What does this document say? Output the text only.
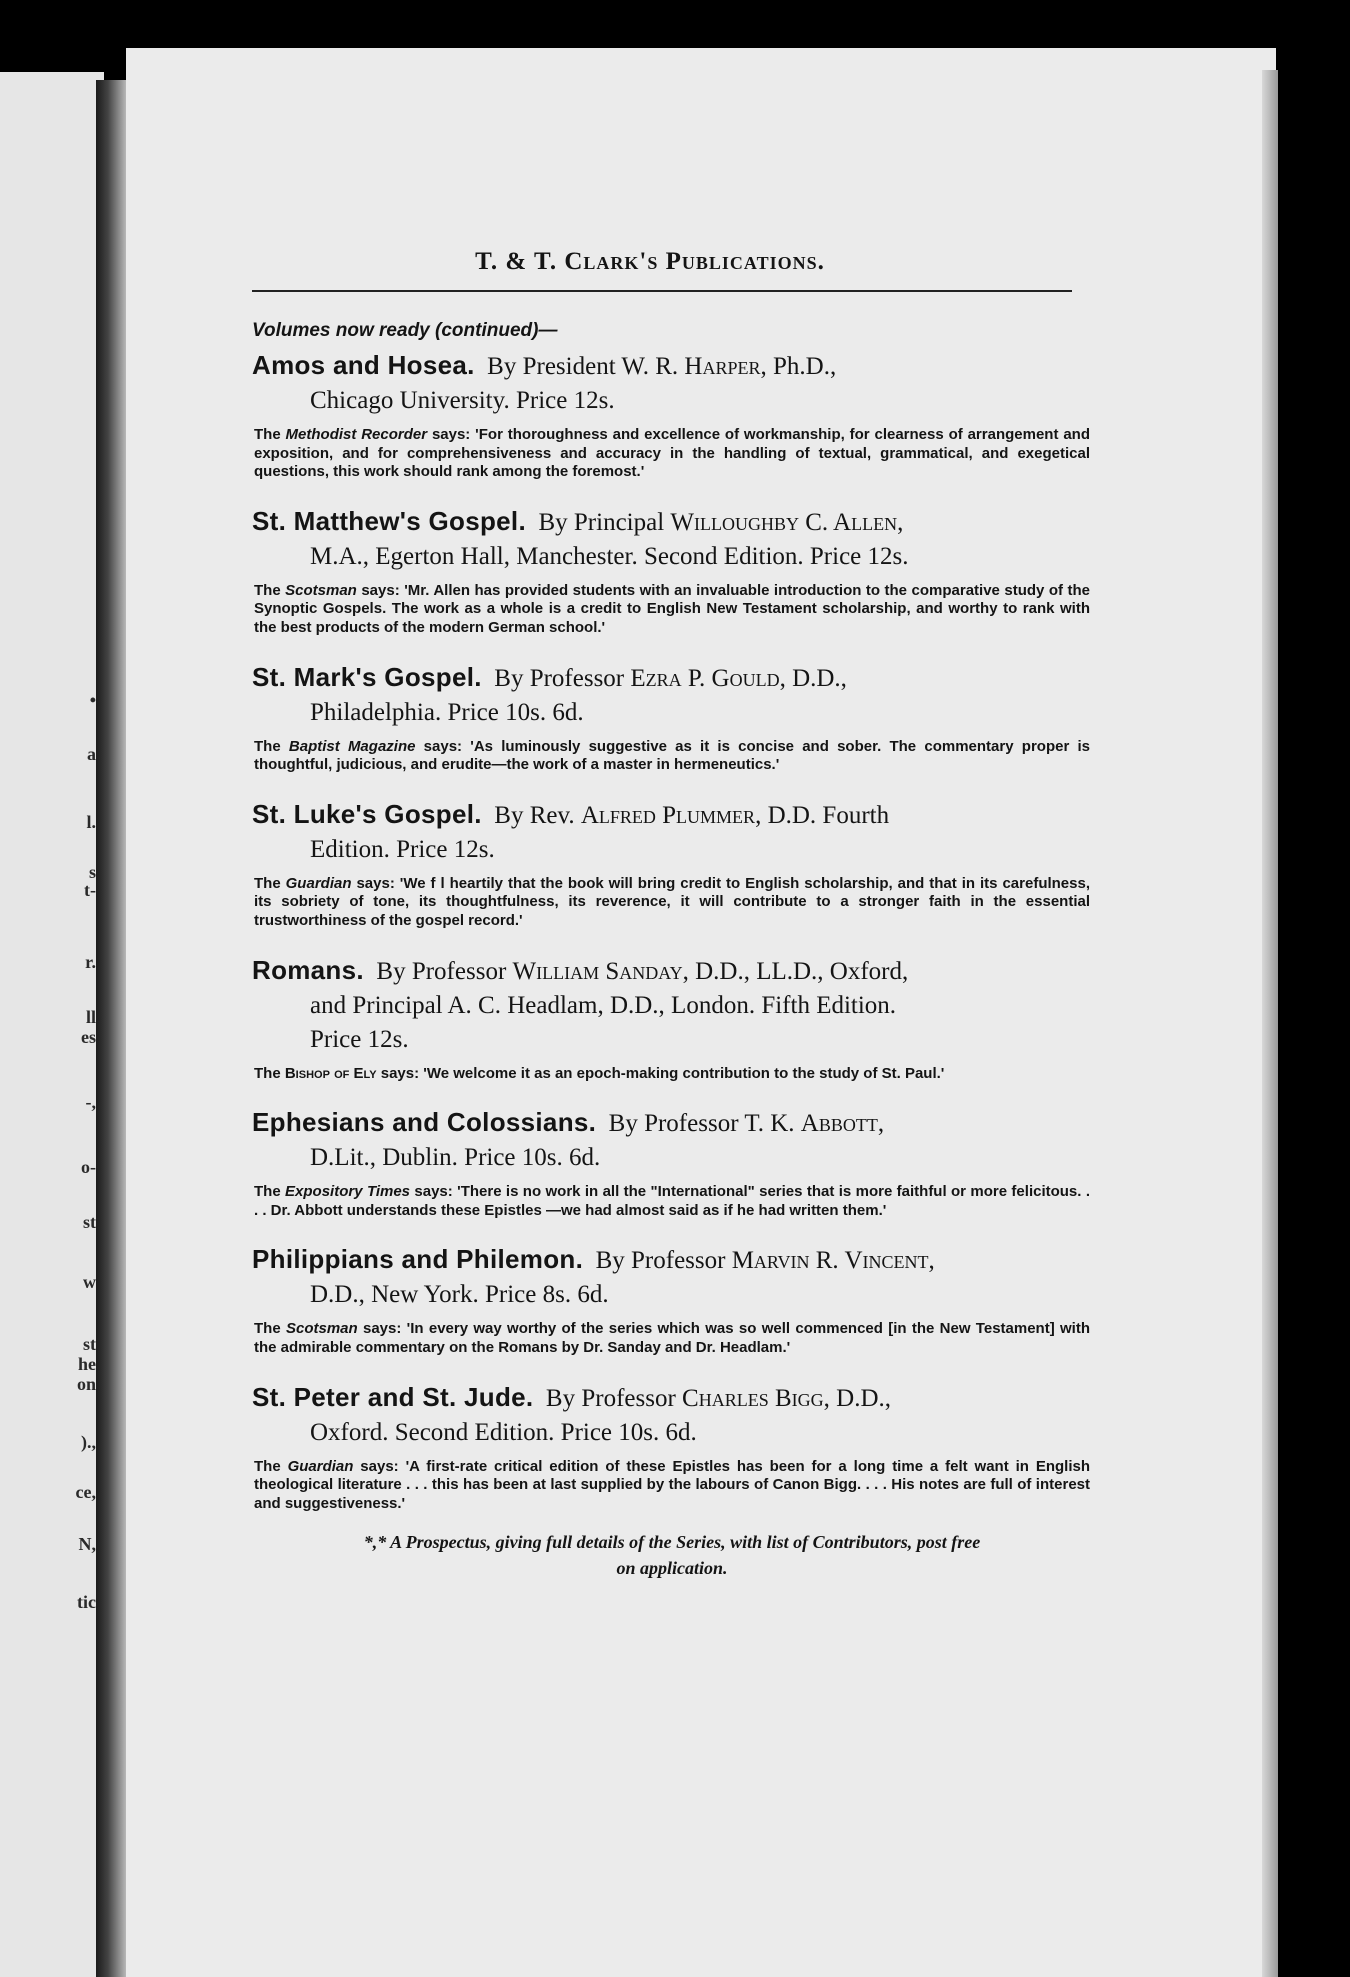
•
a
l.
s
t-
r.
ll
es
-,
o-
st
w
st
he
on
).,
ce,
N,
tic
T. & T. Clark's Publications.
Volumes now ready (continued)—
Amos and Hosea. By President W. R. Harper, Ph.D.,
Chicago University. Price 12s.
The Methodist Recorder says: 'For thoroughness and excellence of workmanship, for clearness of arrangement and exposition, and for comprehensiveness and accuracy in the handling of textual, grammatical, and exegetical questions, this work should rank among the foremost.'
St. Matthew's Gospel. By Principal Willoughby C. Allen,
M.A., Egerton Hall, Manchester. Second Edition. Price 12s.
The Scotsman says: 'Mr. Allen has provided students with an invaluable introduction to the comparative study of the Synoptic Gospels. The work as a whole is a credit to English New Testament scholarship, and worthy to rank with the best products of the modern German school.'
St. Mark's Gospel. By Professor Ezra P. Gould, D.D.,
Philadelphia. Price 10s. 6d.
The Baptist Magazine says: 'As luminously suggestive as it is concise and sober. The commentary proper is thoughtful, judicious, and erudite—the work of a master in hermeneutics.'
St. Luke's Gospel. By Rev. Alfred Plummer, D.D. Fourth
Edition. Price 12s.
The Guardian says: 'We f l heartily that the book will bring credit to English scholarship, and that in its carefulness, its sobriety of tone, its thoughtfulness, its reverence, it will contribute to a stronger faith in the essential trustworthiness of the gospel record.'
Romans. By Professor William Sanday, D.D., LL.D., Oxford,
and Principal A. C. Headlam, D.D., London. Fifth Edition.
Price 12s.
The Bishop of Ely says: 'We welcome it as an epoch-making contribution to the study of St. Paul.'
Ephesians and Colossians. By Professor T. K. Abbott,
D.Lit., Dublin. Price 10s. 6d.
The Expository Times says: 'There is no work in all the "International" series that is more faithful or more felicitous. . . . Dr. Abbott understands these Epistles —we had almost said as if he had written them.'
Philippians and Philemon. By Professor Marvin R. Vincent,
D.D., New York. Price 8s. 6d.
The Scotsman says: 'In every way worthy of the series which was so well commenced [in the New Testament] with the admirable commentary on the Romans by Dr. Sanday and Dr. Headlam.'
St. Peter and St. Jude. By Professor Charles Bigg, D.D.,
Oxford. Second Edition. Price 10s. 6d.
The Guardian says: 'A first-rate critical edition of these Epistles has been for a long time a felt want in English theological literature . . . this has been at last supplied by the labours of Canon Bigg. . . . His notes are full of interest and suggestiveness.'
*,* A Prospectus, giving full details of the Series, with list of Contributors, post free
on application.
